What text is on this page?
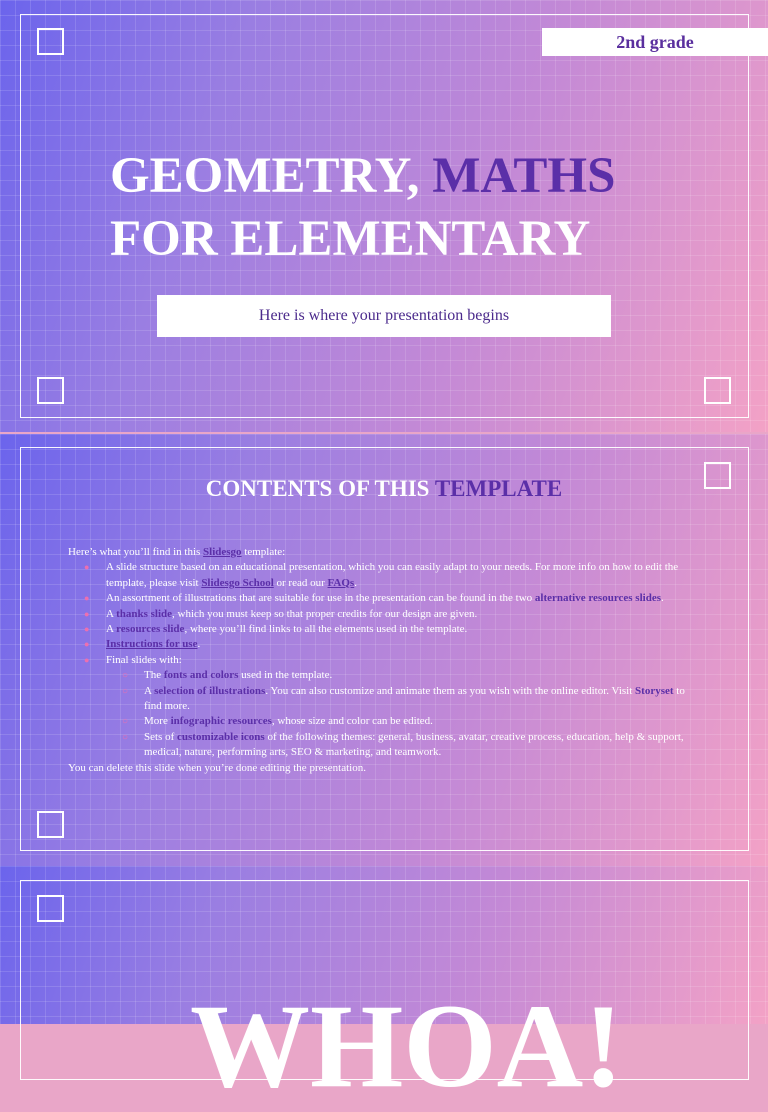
2nd grade
GEOMETRY, MATHS
FOR ELEMENTARY
Here is where your presentation begins
CONTENTS OF THIS TEMPLATE

Here’s what you’ll find in this Slidesgo template:

● A slide structure based on an educational presentation, which you can easily adapt to your needs. For more info on how to edit the template, please visit Slidesgo School or read our FAQs.
● An assortment of illustrations that are suitable for use in the presentation can be found in the two alternative resources slides.
● A thanks slide, which you must keep so that proper credits for our design are given.
● A resources slide, where you’ll find links to all the elements used in the template.
● Instructions for use.
● Final slides with:
○ The fonts and colors used in the template.
○ A selection of illustrations. You can also customize and animate them as you wish with the online editor. Visit Storyset to find more.
○ More infographic resources, whose size and color can be edited.
○ Sets of customizable icons of the following themes: general, business, avatar, creative process, education, help & support, medical, nature, performing arts, SEO & marketing, and teamwork.

You can delete this slide when you’re done editing the presentation.

WHOA!
